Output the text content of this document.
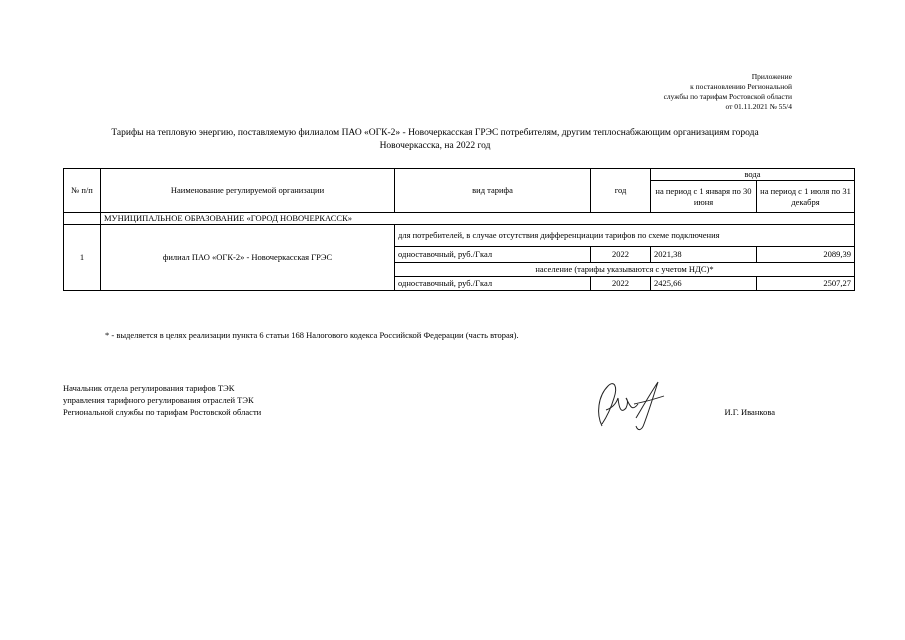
Приложение
к постановлению Региональной
службы по тарифам Ростовской области
от 01.11.2021 № 55/4
Тарифы на тепловую энергию, поставляемую филиалом ПАО «ОГК-2» - Новочеркасская ГРЭС потребителям, другим теплоснабжающим организациям города
Новочеркасска, на 2022 год
№ п/п	Наименование регулируемой организации	вид тарифа	год	вода	
				на период с 1 января по 30 июня	на период с 1 июля по 31 декабря
	МУНИЦИПАЛЬНОЕ ОБРАЗОВАНИЕ «ГОРОД НОВОЧЕРКАССК»				
1	филиал ПАО «ОГК-2» - Новочеркасская ГРЭС	для потребителей, в случае отсутствия дифференциации тарифов по схеме подключения			
		одноставочный, руб./Гкал	2022	2021,38	2089,39
		население (тарифы указываются с учетом НДС)*			
		одноставочный, руб./Гкал	2022	2425,66	2507,27
* - выделяется в целях реализации пункта 6 статьи 168 Налогового кодекса Российской Федерации (часть вторая).
Начальник отдела регулирования тарифов ТЭК
управления тарифного регулирования отраслей ТЭК
Региональной службы по тарифам Ростовской области	И.Г. Иванкова
